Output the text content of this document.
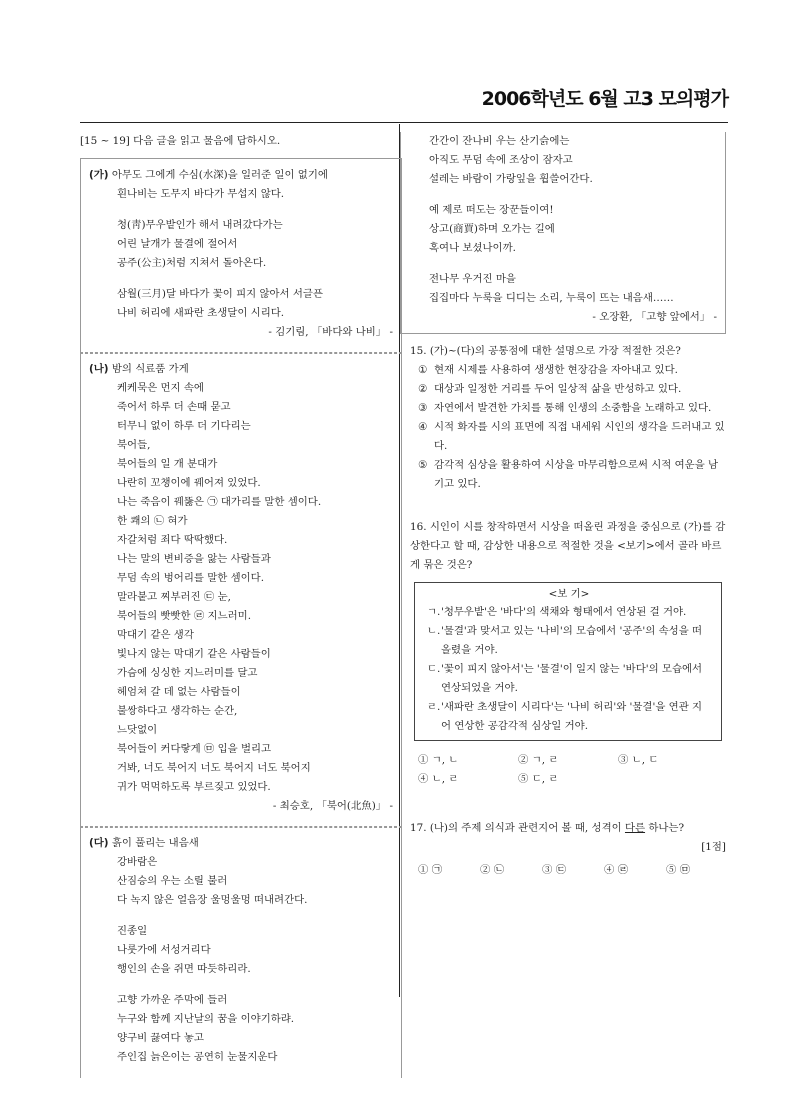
2006학년도 6월 고3 모의평가
[15 ~ 19] 다음 글을 읽고 물음에 답하시오.
(가) 아무도 그에게 수심(水深)을 일러준 일이 없기에
흰나비는 도무지 바다가 무섭지 않다.
청(靑)무우밭인가 해서 내려갔다가는
어린 날개가 물결에 절어서
공주(公主)처럼 지쳐서 돌아온다.
삼월(三月)달 바다가 꽃이 피지 않아서 서글픈
나비 허리에 새파란 초생달이 시리다.
- 김기림, 「바다와 나비」 -
(나) 밤의 식료품 가게
케케묵은 먼지 속에
죽어서 하루 더 손때 묻고
터무니 없이 하루 더 기다리는
북어들,
북어들의 일 개 분대가
나란히 꼬챙이에 꿰어져 있었다.
나는 죽음이 꿰뚫은 ㉠ 대가리를 말한 셈이다.
한 쾌의 ㉡ 혀가
자갈처럼 죄다 딱딱했다.
나는 말의 변비증을 앓는 사람들과
무덤 속의 벙어리를 말한 셈이다.
말라붙고 찌부러진 ㉢ 눈,
북어들의 빳빳한 ㉣ 지느러미.
막대기 같은 생각
빛나지 않는 막대기 같은 사람들이
가슴에 싱싱한 지느러미를 달고
헤엄쳐 갈 데 없는 사람들이
불쌍하다고 생각하는 순간,
느닷없이
북어들이 커다랗게 ㉤ 입을 벌리고
거봐, 너도 북어지 너도 북어지 너도 북어지
귀가 먹먹하도록 부르짖고 있었다.
- 최승호, 「북어(北魚)」 -
(다) 흙이 풀리는 내음새
강바람은
산짐승의 우는 소릴 불러
다 녹지 않은 얼음장 울멍울멍 떠내려간다.
진종일
나룻가에 서성거리다
행인의 손을 쥐면 따듯하리라.
고향 가까운 주막에 들러
누구와 함께 지난날의 꿈을 이야기하랴.
양구비 끓여다 놓고
주인집 늙은이는 공연히 눈물지운다
간간이 잔나비 우는 산기슭에는
아직도 무덤 속에 조상이 잠자고
설레는 바람이 가랑잎을 휩쓸어간다.
예 제로 떠도는 장꾼들이여!
상고(商賈)하며 오가는 길에
혹여나 보셨나이까.
전나무 우거진 마을
집집마다 누룩을 디디는 소리, 누룩이 뜨는 내음새……
- 오장환, 「고향 앞에서」 -
15. (가)~(다)의 공통점에 대한 설명으로 가장 적절한 것은?
① 현재 시제를 사용하여 생생한 현장감을 자아내고 있다.
② 대상과 일정한 거리를 두어 일상적 삶을 반성하고 있다.
③ 자연에서 발견한 가치를 통해 인생의 소중함을 노래하고 있다.
④ 시적 화자를 시의 표면에 직접 내세워 시인의 생각을 드러내고 있다.
⑤ 감각적 심상을 활용하여 시상을 마무리함으로써 시적 여운을 남기고 있다.
16. 시인이 시를 창작하면서 시상을 떠올린 과정을 중심으로 (가)를 감상한다고 할 때, 감상한 내용으로 적절한 것을 <보기>에서 골라 바르게 묶은 것은?
<보 기>
ㄱ. '청무우밭'은 '바다'의 색채와 형태에서 연상된 걸 거야.
ㄴ. '물결'과 맞서고 있는 '나비'의 모습에서 '공주'의 속성을 떠올렸을 거야.
ㄷ. '꽃이 피지 않아서'는 '물결'이 일지 않는 '바다'의 모습에서 연상되었을 거야.
ㄹ. '새파란 초생달이 시리다'는 '나비 허리'와 '물결'을 연관 지어 연상한 공감각적 심상일 거야.
① ㄱ, ㄴ	② ㄱ, ㄹ	③ ㄴ, ㄷ
④ ㄴ, ㄹ	⑤ ㄷ, ㄹ
17. (나)의 주제 의식과 관련지어 볼 때, 성격이 다른 하나는?
[1점]
① ㉠	② ㉡	③ ㉢	④ ㉣	⑤ ㉤
